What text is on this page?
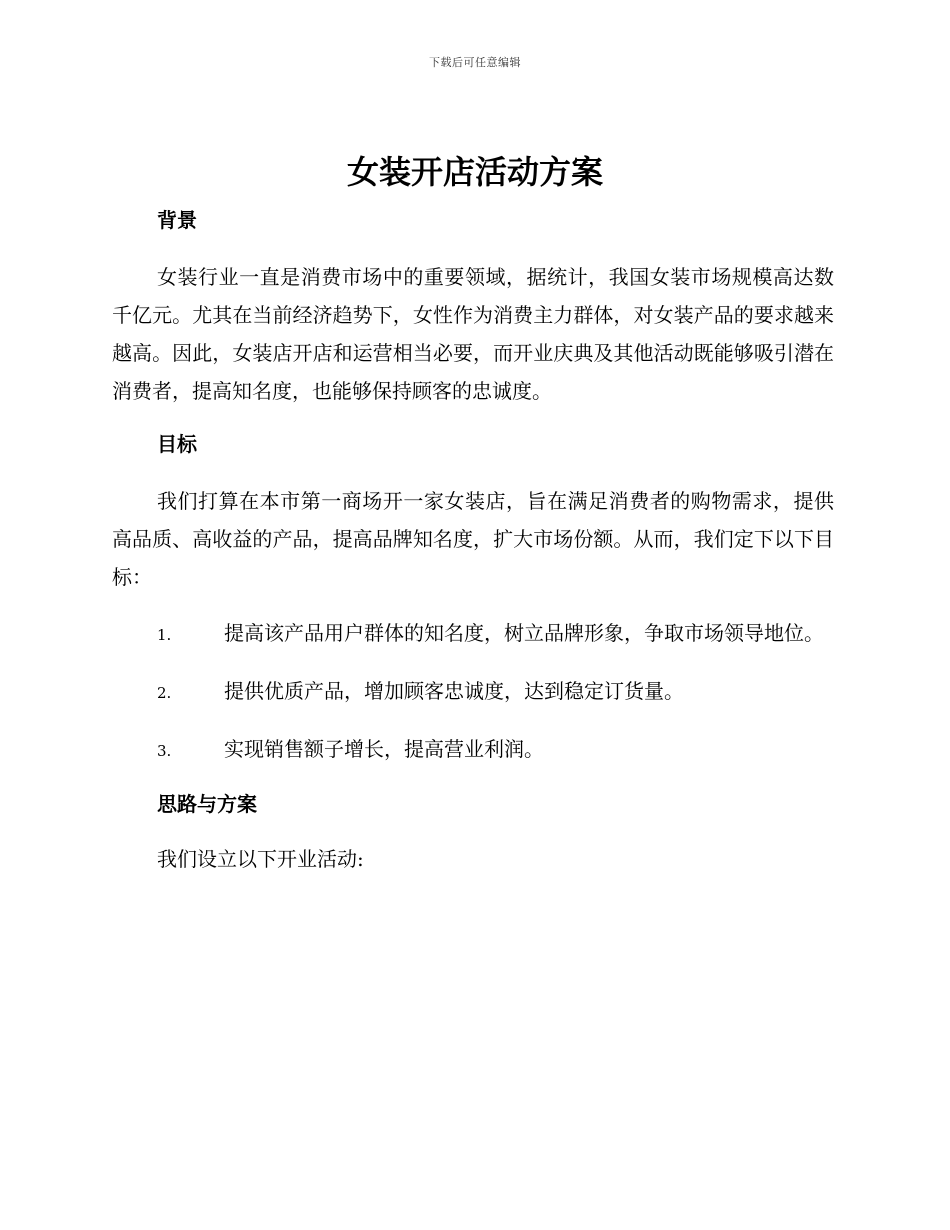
下载后可任意编辑
女装开店活动方案

背景

女装行业一直是消费市场中的重要领域，据统计，我国女装市场规模高达数千亿元。尤其在当前经济趋势下，女性作为消费主力群体，对女装产品的要求越来越高。因此，女装店开店和运营相当必要，而开业庆典及其他活动既能够吸引潜在消费者，提高知名度，也能够保持顾客的忠诚度。

目标

我们打算在本市第一商场开一家女装店，旨在满足消费者的购物需求，提供高品质、高收益的产品，提高品牌知名度，扩大市场份额。从而，我们定下以下目标：

1.	提高该产品用户群体的知名度，树立品牌形象，争取市场领导地位。

2.	提供优质产品，增加顾客忠诚度，达到稳定订货量。

3.	实现销售额子增长，提高营业利润。

思路与方案

我们设立以下开业活动:
